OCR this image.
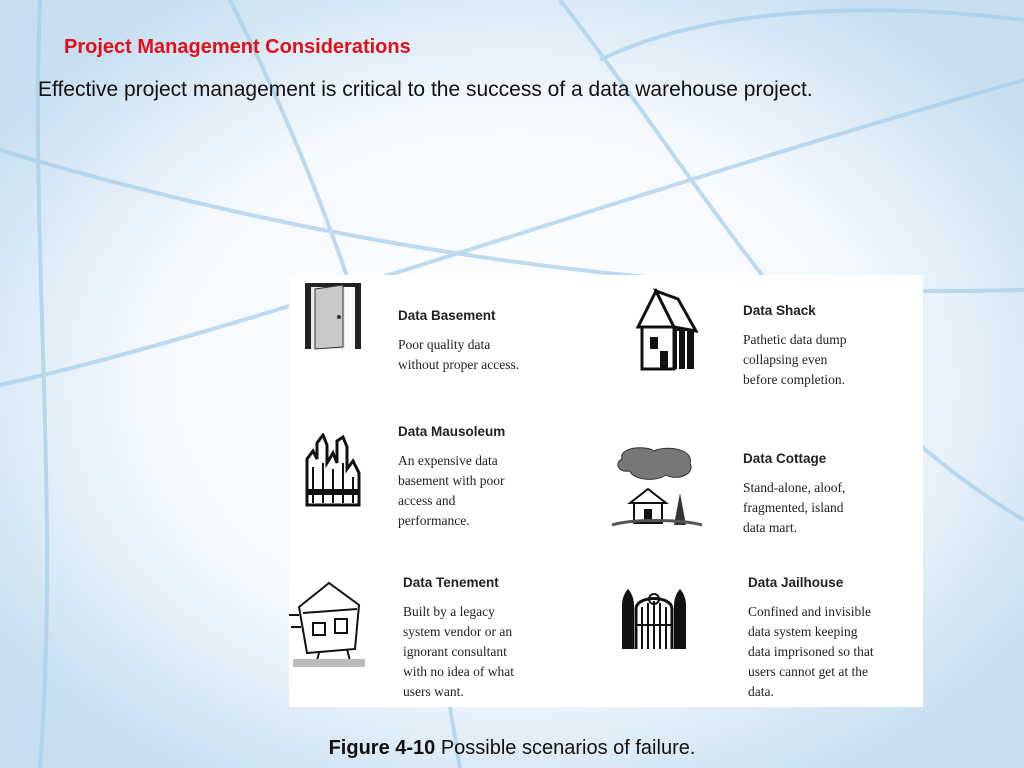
Project Management Considerations
Effective project management is critical to the success of a data warehouse project.
Data Basement
Poor quality data
without proper access.
Data Shack
Pathetic data dump
collapsing even
before completion.
Data Mausoleum
An expensive data
basement with poor
access and
performance.
Data Cottage
Stand-alone, aloof,
fragmented, island
data mart.
Data Tenement
Built by a legacy
system vendor or an
ignorant consultant
with no idea of what
users want.
Data Jailhouse
Confined and invisible
data system keeping
data imprisoned so that
users cannot get at the
data.
Figure 4-10 Possible scenarios of failure.
